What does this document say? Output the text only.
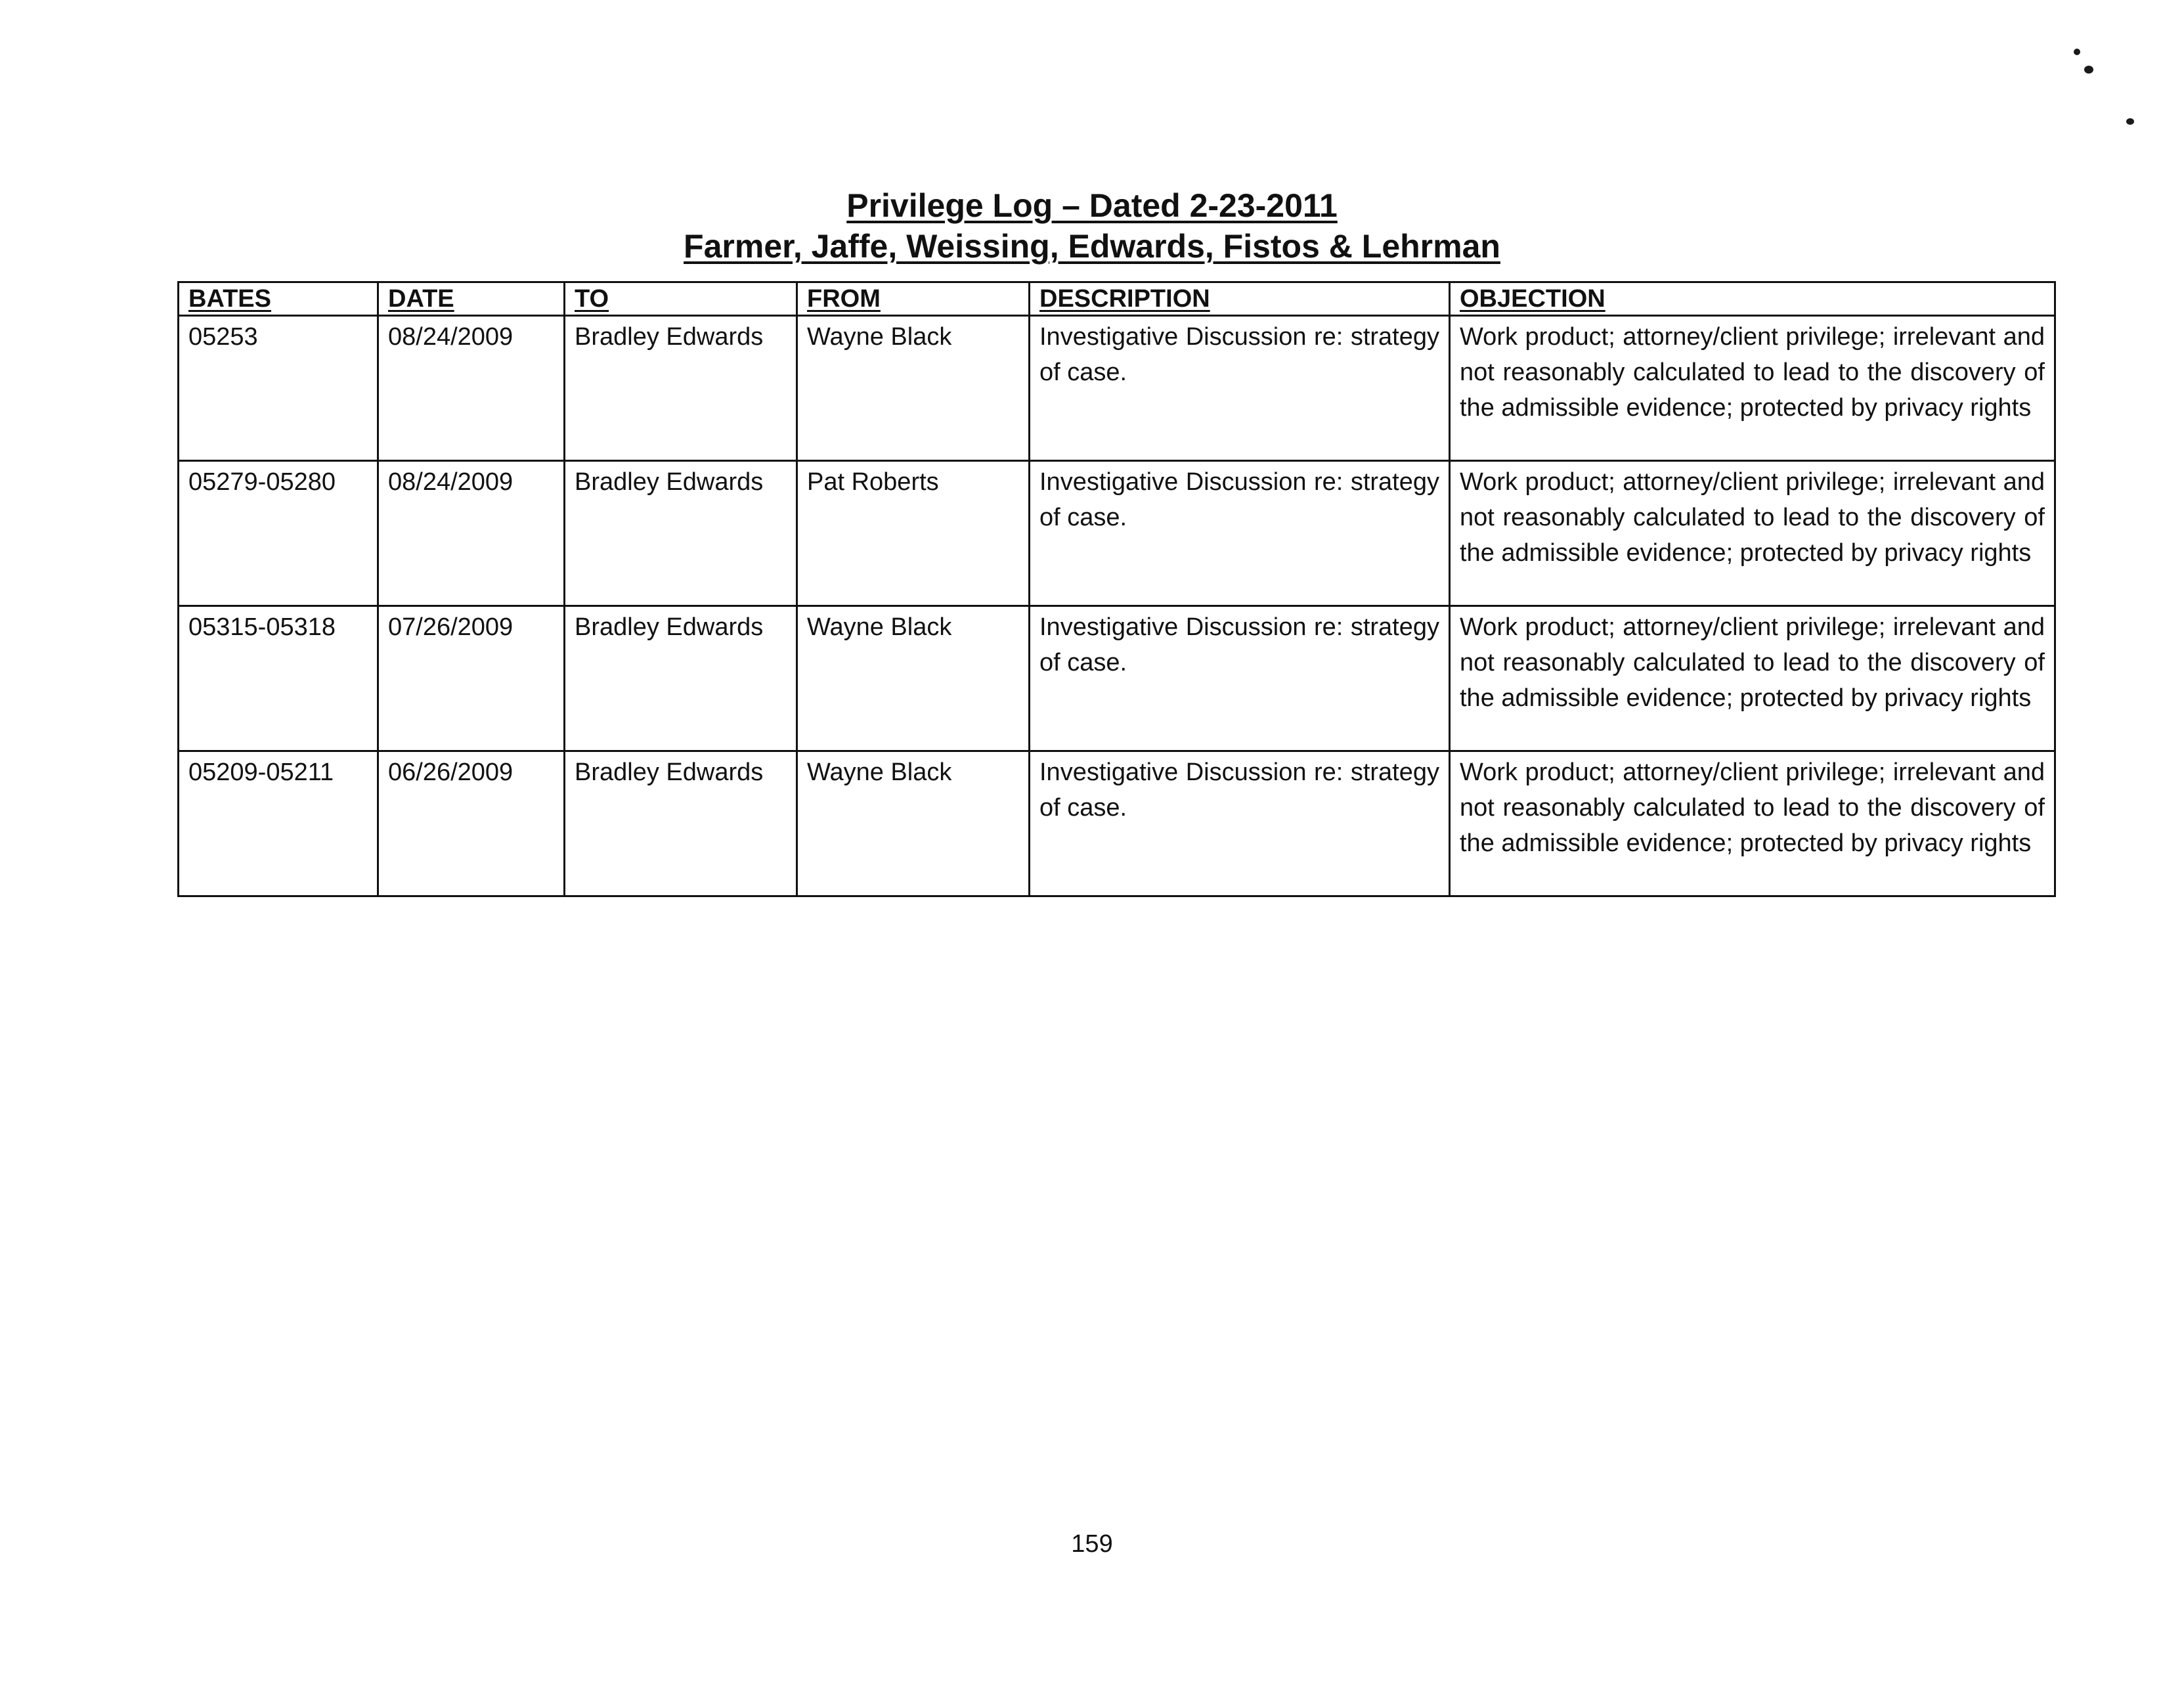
Privilege Log – Dated 2-23-2011
Farmer, Jaffe, Weissing, Edwards, Fistos & Lehrman
BATES	DATE	TO	FROM	DESCRIPTION	OBJECTION
05253	08/24/2009	Bradley Edwards	Wayne Black	Investigative Discussion re: strategy of case.	Work product; attorney/client privilege; irrelevant and not reasonably calculated to lead to the discovery of the admissible evidence; protected by privacy rights
05279-05280	08/24/2009	Bradley Edwards	Pat Roberts	Investigative Discussion re: strategy of case.	Work product; attorney/client privilege; irrelevant and not reasonably calculated to lead to the discovery of the admissible evidence; protected by privacy rights
05315-05318	07/26/2009	Bradley Edwards	Wayne Black	Investigative Discussion re: strategy of case.	Work product; attorney/client privilege; irrelevant and not reasonably calculated to lead to the discovery of the admissible evidence; protected by privacy rights
05209-05211	06/26/2009	Bradley Edwards	Wayne Black	Investigative Discussion re: strategy of case.	Work product; attorney/client privilege; irrelevant and not reasonably calculated to lead to the discovery of the admissible evidence; protected by privacy rights
159
